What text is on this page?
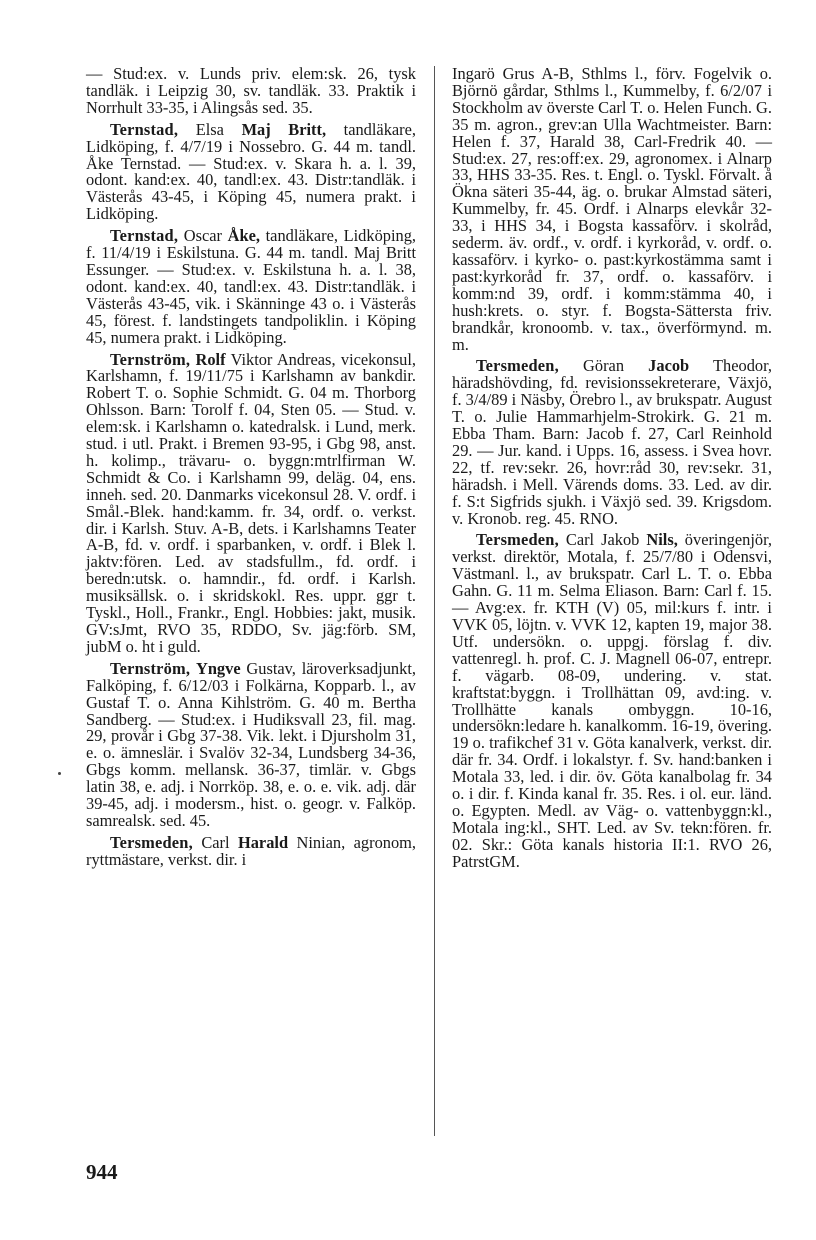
— Stud:ex. v. Lunds priv. elem:sk. 26, tysk tandläk. i Leipzig 30, sv. tandläk. 33. Praktik i Norrhult 33-35, i Alingsås sed. 35.

Ternstad, Elsa Maj Britt, tandläkare, Lidköping, f. 4/7/19 i Nossebro. G. 44 m. tandl. Åke Ternstad. — Stud:ex. v. Skara h. a. l. 39, odont. kand:ex. 40, tandl:ex. 43. Distr:tandläk. i Västerås 43-45, i Köping 45, numera prakt. i Lidköping.

Ternstad, Oscar Åke, tandläkare, Lidköping, f. 11/4/19 i Eskilstuna. G. 44 m. tandl. Maj Britt Essunger. — Stud:ex. v. Eskilstuna h. a. l. 38, odont. kand:ex. 40, tandl:ex. 43. Distr:tandläk. i Västerås 43-45, vik. i Skänninge 43 o. i Västerås 45, förest. f. landstingets tandpoliklin. i Köping 45, numera prakt. i Lidköping.

Ternström, Rolf Viktor Andreas, vicekonsul, Karlshamn, f. 19/11/75 i Karlshamn av bankdir. Robert T. o. Sophie Schmidt. G. 04 m. Thorborg Ohlsson. Barn: Torolf f. 04, Sten 05. — Stud. v. elem:sk. i Karlshamn o. katedralsk. i Lund, merk. stud. i utl. Prakt. i Bremen 93-95, i Gbg 98, anst. h. kolimp., trävaru- o. byggn:mtrlfirman W. Schmidt & Co. i Karlshamn 99, deläg. 04, ens. inneh. sed. 20. Danmarks vicekonsul 28. V. ordf. i Smål.-Blek. hand:kamm. fr. 34, ordf. o. verkst. dir. i Karlsh. Stuv. A-B, dets. i Karlshamns Teater A-B, fd. v. ordf. i sparbanken, v. ordf. i Blek l. jaktv:fören. Led. av stadsfullm., fd. ordf. i beredn:utsk. o. hamndir., fd. ordf. i Karlsh. musiksällsk. o. i skridskokl. Res. uppr. ggr t. Tyskl., Holl., Frankr., Engl. Hobbies: jakt, musik. GV:sJmt, RVO 35, RDDO, Sv. jäg:förb. SM, jubM o. ht i guld.

Ternström, Yngve Gustav, läroverksadjunkt, Falköping, f. 6/12/03 i Folkärna, Kopparb. l., av Gustaf T. o. Anna Kihlström. G. 40 m. Bertha Sandberg. — Stud:ex. i Hudiksvall 23, fil. mag. 29, provår i Gbg 37-38. Vik. lekt. i Djursholm 31, e. o. ämneslär. i Svalöv 32-34, Lundsberg 34-36, Gbgs komm. mellansk. 36-37, timlär. v. Gbgs latin 38, e. adj. i Norrköp. 38, e. o. e. vik. adj. där 39-45, adj. i modersm., hist. o. geogr. v. Falköp. samrealsk. sed. 45.

Tersmeden, Carl Harald Ninian, agronom, ryttmästare, verkst. dir. i

Ingarö Grus A-B, Sthlms l., förv. Fogelvik o. Björnö gårdar, Sthlms l., Kummelby, f. 6/2/07 i Stockholm av överste Carl T. o. Helen Funch. G. 35 m. agron., grev:an Ulla Wachtmeister. Barn: Helen f. 37, Harald 38, Carl-Fredrik 40. — Stud:ex. 27, res:off:ex. 29, agronomex. i Alnarp 33, HHS 33-35. Res. t. Engl. o. Tyskl. Förvalt. å Ökna säteri 35-44, äg. o. brukar Almstad säteri, Kummelby, fr. 45. Ordf. i Alnarps elevkår 32-33, i HHS 34, i Bogsta kassaförv. i skolråd, sederm. äv. ordf., v. ordf. i kyrkoråd, v. ordf. o. kassaförv. i kyrko- o. past:kyrkostämma samt i past:kyrkoråd fr. 37, ordf. o. kassaförv. i komm:nd 39, ordf. i komm:stämma 40, i hush:krets. o. styr. f. Bogsta-Sättersta friv. brandkår, kronoomb. v. tax., överförmynd. m. m.

Tersmeden, Göran Jacob Theodor, häradshövding, fd. revisionssekreterare, Växjö, f. 3/4/89 i Näsby, Örebro l., av brukspatr. August T. o. Julie Hammarhjelm-Strokirk. G. 21 m. Ebba Tham. Barn: Jacob f. 27, Carl Reinhold 29. — Jur. kand. i Upps. 16, assess. i Svea hovr. 22, tf. rev:sekr. 26, hovr:råd 30, rev:sekr. 31, häradsh. i Mell. Värends doms. 33. Led. av dir. f. S:t Sigfrids sjukh. i Växjö sed. 39. Krigsdom. v. Kronob. reg. 45. RNO.

Tersmeden, Carl Jakob Nils, överingenjör, verkst. direktör, Motala, f. 25/7/80 i Odensvi, Västmanl. l., av brukspatr. Carl L. T. o. Ebba Gahn. G. 11 m. Selma Eliason. Barn: Carl f. 15. — Avg:ex. fr. KTH (V) 05, mil:kurs f. intr. i VVK 05, löjtn. v. VVK 12, kapten 19, major 38. Utf. undersökn. o. uppgj. förslag f. div. vattenregl. h. prof. C. J. Magnell 06-07, entrepr. f. vägarb. 08-09, undering. v. stat. kraftstat:byggn. i Trollhättan 09, avd:ing. v. Trollhätte kanals ombyggn. 10-16, undersökn:ledare h. kanalkomm. 16-19, övering. 19 o. trafikchef 31 v. Göta kanalverk, verkst. dir. där fr. 34. Ordf. i lokalstyr. f. Sv. hand:banken i Motala 33, led. i dir. öv. Göta kanalbolag fr. 34 o. i dir. f. Kinda kanal fr. 35. Res. i ol. eur. länd. o. Egypten. Medl. av Väg- o. vattenbyggn:kl., Motala ing:kl., SHT. Led. av Sv. tekn:fören. fr. 02. Skr.: Göta kanals historia II:1. RVO 26, PatrstGM.

944
